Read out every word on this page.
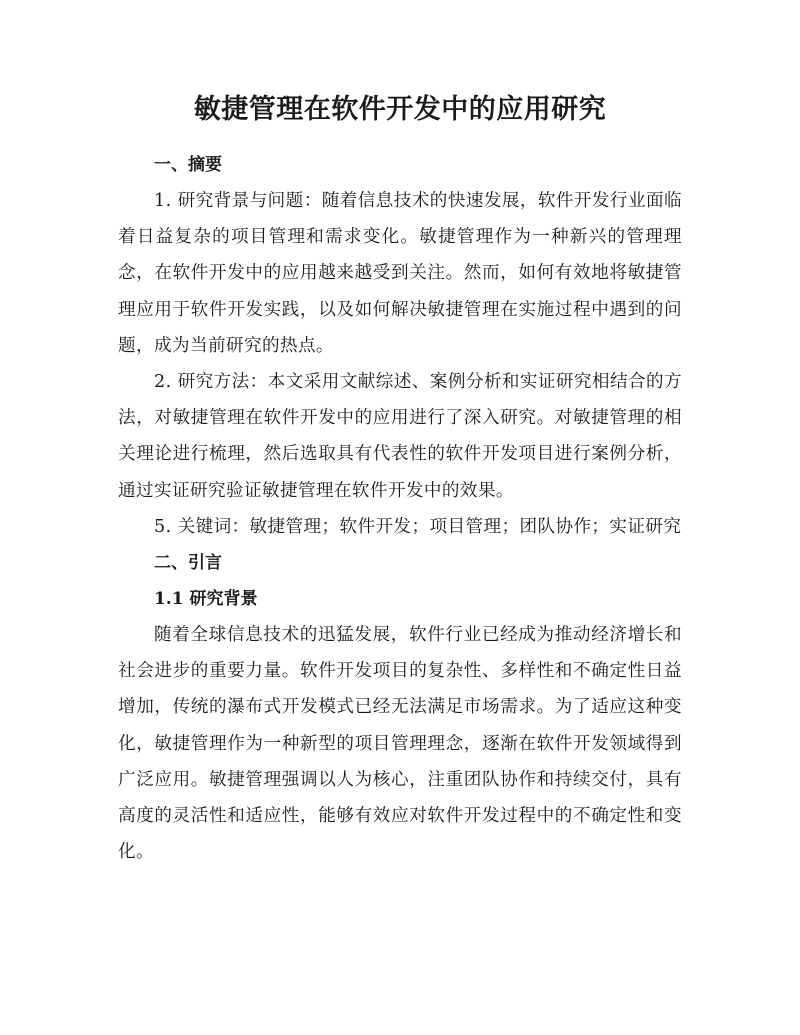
敏捷管理在软件开发中的应用研究
一、摘要

1. 研究背景与问题：随着信息技术的快速发展，软件开发行业面临着日益复杂的项目管理和需求变化。敏捷管理作为一种新兴的管理理念，在软件开发中的应用越来越受到关注。然而，如何有效地将敏捷管理应用于软件开发实践，以及如何解决敏捷管理在实施过程中遇到的问题，成为当前研究的热点。

2. 研究方法：本文采用文献综述、案例分析和实证研究相结合的方法，对敏捷管理在软件开发中的应用进行了深入研究。对敏捷管理的相关理论进行梳理，然后选取具有代表性的软件开发项目进行案例分析，通过实证研究验证敏捷管理在软件开发中的效果。

5. 关键词：敏捷管理；软件开发；项目管理；团队协作；实证研究

二、引言
1.1 研究背景

随着全球信息技术的迅猛发展，软件行业已经成为推动经济增长和社会进步的重要力量。软件开发项目的复杂性、多样性和不确定性日益增加，传统的瀑布式开发模式已经无法满足市场需求。为了适应这种变化，敏捷管理作为一种新型的项目管理理念，逐渐在软件开发领域得到广泛应用。敏捷管理强调以人为核心，注重团队协作和持续交付，具有高度的灵活性和适应性，能够有效应对软件开发过程中的不确定性和变化。
